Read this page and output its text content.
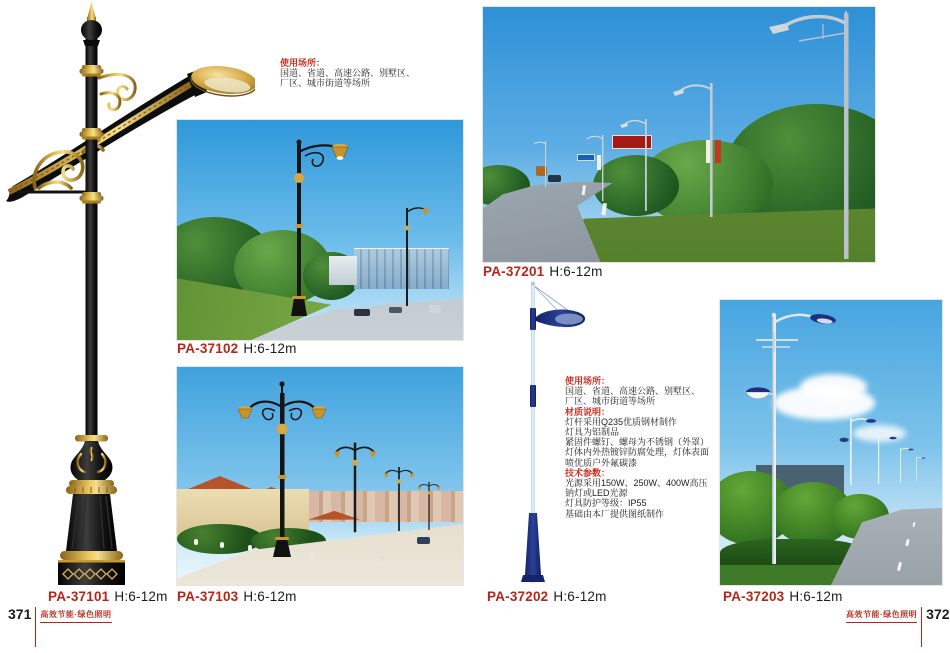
使用场所：
国道、省道、高速公路、别墅区、
厂区、城市街道等场所
PA-37102 H:6-12m
PA-37103 H:6-12m
PA-37101 H:6-12m
PA-37201 H:6-12m
PA-37202 H:6-12m
使用场所：
国道、省道、高速公路、别墅区、
厂区、城市街道等场所
材质说明：
灯杆采用Q235优质钢材制作
灯具为铝制品
紧固件螺钉、螺母为不锈钢（外罩）
灯体内外热镀锌防腐处理，灯体表面
喷优质户外氟碳漆
技术参数：
光源采用150W、250W、400W高压
钠灯或LED光源
灯具防护等级：IP55
基础由本厂提供图纸制作
PA-37203 H:6-12m
371 高效节能·绿色照明	高效节能·绿色照明 372
